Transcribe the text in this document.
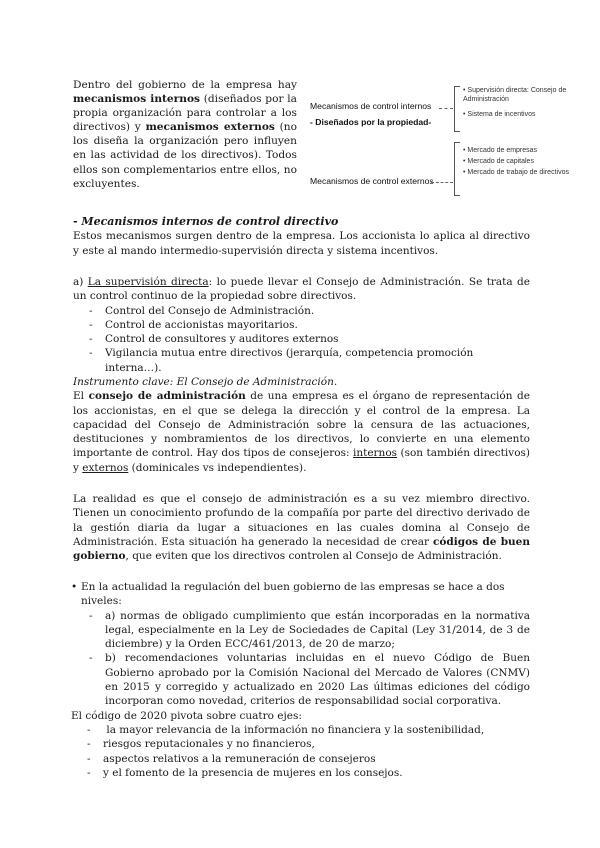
Dentro del gobierno de la empresa hay mecanismos internos (diseñados por la propia organización para controlar a los directivos) y mecanismos externos (no los diseña la organización pero influyen en las actividad de los directivos). Todos ellos son complementarios entre ellos, no excluyentes.
Mecanismos de control internos
- Diseñados por la propiedad-
• Supervisión directa: Consejo de Administración
• Sistema de incentivos
Mecanismos de control externos
• Mercado de empresas
• Mercado de capitales
• Mercado de trabajo de directivos
- Mecanismos internos de control directivo
Estos mecanismos surgen dentro de la empresa. Los accionista lo aplica al directivo y este al mando intermedio-supervisión directa y sistema incentivos.
a) La supervisión directa: lo puede llevar el Consejo de Administración. Se trata de un control continuo de la propiedad sobre directivos.
- Control del Consejo de Administración.
- Control de accionistas mayoritarios.
- Control de consultores y auditores externos
- Vigilancia mutua entre directivos (jerarquía, competencia promoción interna…).
Instrumento clave: El Consejo de Administración.
El consejo de administración de una empresa es el órgano de representación de los accionistas, en el que se delega la dirección y el control de la empresa. La capacidad del Consejo de Administración sobre la censura de las actuaciones, destituciones y nombramientos de los directivos, lo convierte en una elemento importante de control. Hay dos tipos de consejeros: internos (son también directivos) y externos (dominicales vs independientes).
La realidad es que el consejo de administración es a su vez miembro directivo. Tienen un conocimiento profundo de la compañía por parte del directivo derivado de la gestión diaria da lugar a situaciones en las cuales domina al Consejo de Administración. Esta situación ha generado la necesidad de crear códigos de buen gobierno, que eviten que los directivos controlen al Consejo de Administración.
• En la actualidad la regulación del buen gobierno de las empresas se hace a dos niveles:
- a) normas de obligado cumplimiento que están incorporadas en la normativa legal, especialmente en la Ley de Sociedades de Capital (Ley 31/2014, de 3 de diciembre) y la Orden ECC/461/2013, de 20 de marzo;
- b) recomendaciones voluntarias incluidas en el nuevo Código de Buen Gobierno aprobado por la Comisión Nacional del Mercado de Valores (CNMV) en 2015 y corregido y actualizado en 2020 Las últimas ediciones del código incorporan como novedad, criterios de responsabilidad social corporativa.
El código de 2020 pivota sobre cuatro ejes:
-  la mayor relevancia de la información no financiera y la sostenibilidad,
- riesgos reputacionales y no financieros,
- aspectos relativos a la remuneración de consejeros
- y el fomento de la presencia de mujeres en los consejos.
